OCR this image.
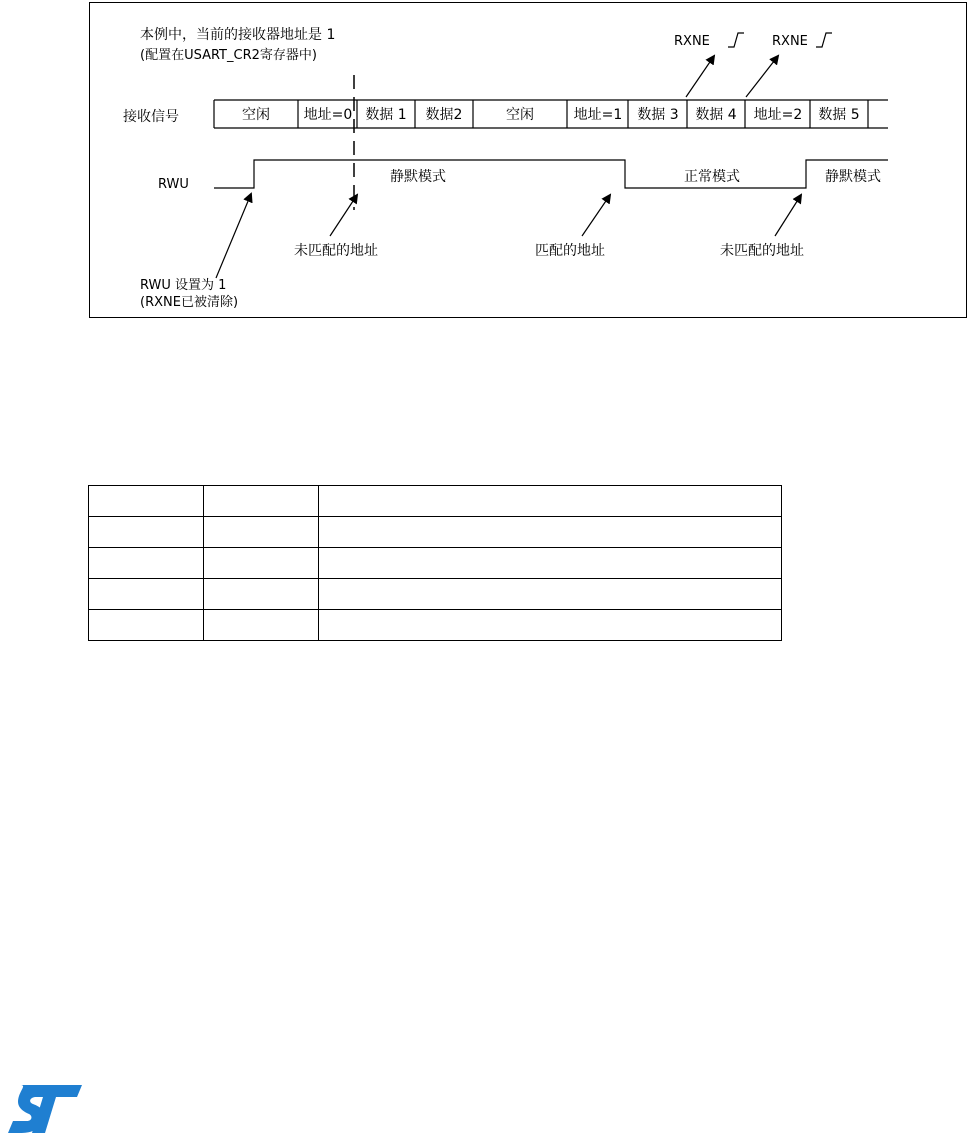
本例中，当前的接收器地址是 1
(配置在USART_CR2寄存器中)
接收信号
RWU
空闲 地址=0 数据 1 数据2	空闲	地址=1 数据 3 数据 4 地址=2 数据 5
静默模式	正常模式	静默模式
RXNE	RXNE
RWU 设置为 1
(RXNE已被清除)
未匹配的地址	匹配的地址	未匹配的地址
